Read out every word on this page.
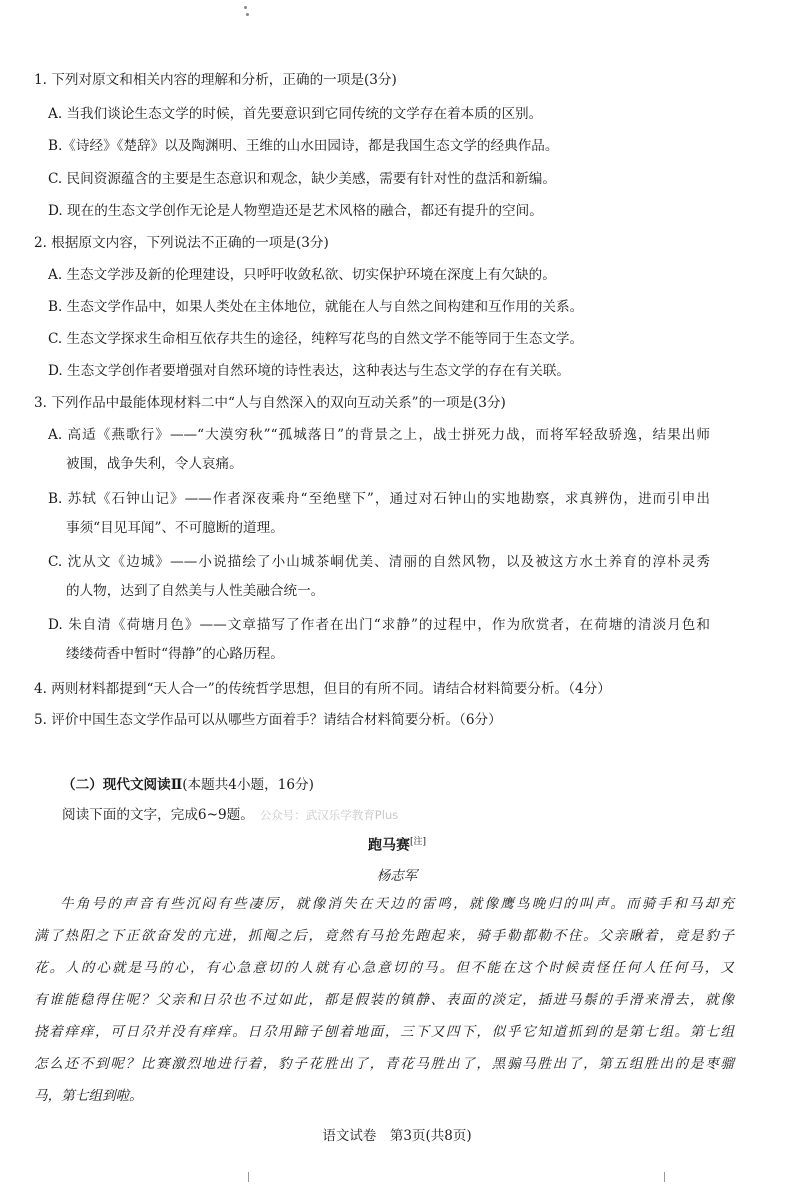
1. 下列对原文和相关内容的理解和分析，正确的一项是(3分)
A. 当我们谈论生态文学的时候，首先要意识到它同传统的文学存在着本质的区别。
B.《诗经》《楚辞》以及陶渊明、王维的山水田园诗，都是我国生态文学的经典作品。
C. 民间资源蕴含的主要是生态意识和观念，缺少美感，需要有针对性的盘活和新编。
D. 现在的生态文学创作无论是人物塑造还是艺术风格的融合，都还有提升的空间。
2. 根据原文内容，下列说法不正确的一项是(3分)
A. 生态文学涉及新的伦理建设，只呼吁收敛私欲、切实保护环境在深度上有欠缺的。
B. 生态文学作品中，如果人类处在主体地位，就能在人与自然之间构建和互作用的关系。
C. 生态文学探求生命相互依存共生的途径，纯粹写花鸟的自然文学不能等同于生态文学。
D. 生态文学创作者要增强对自然环境的诗性表达，这种表达与生态文学的存在有关联。
3. 下列作品中最能体现材料二中“人与自然深入的双向互动关系”的一项是(3分)
A. 高适《燕歌行》——“大漠穷秋”“孤城落日”的背景之上，战士拼死力战，而将军轻敌骄逸，结果出师
被围，战争失利，令人哀痛。
B. 苏轼《石钟山记》——作者深夜乘舟“至绝壁下”，通过对石钟山的实地勘察，求真辨伪，进而引申出
事须“目见耳闻”、不可臆断的道理。
C. 沈从文《边城》——小说描绘了小山城茶峒优美、清丽的自然风物，以及被这方水土养育的淳朴灵秀
的人物，达到了自然美与人性美融合统一。
D. 朱自清《荷塘月色》——文章描写了作者在出门“求静”的过程中，作为欣赏者，在荷塘的清淡月色和
缕缕荷香中暂时“得静”的心路历程。
4. 两则材料都提到“天人合一”的传统哲学思想，但目的有所不同。请结合材料简要分析。（4分）
5. 评价中国生态文学作品可以从哪些方面着手？请结合材料简要分析。（6分）
（二）现代文阅读Ⅱ(本题共4小题，16分)
阅读下面的文字，完成6~9题。 公众号：武汉乐学教育Plus
跑马赛[注]
杨志军
牛角号的声音有些沉闷有些凄厉，就像消失在天边的雷鸣，就像鹰鸟晚归的叫声。而骑手和马却充
满了热阳之下正欲奋发的亢进，抓阄之后，竟然有马抢先跑起来，骑手勒都勒不住。父亲瞅着，竟是豹子
花。人的心就是马的心，有心急意切的人就有心急意切的马。但不能在这个时候责怪任何人任何马，又
有谁能稳得住呢？父亲和日尕也不过如此，都是假装的镇静、表面的淡定，插进马鬃的手滑来滑去，就像
挠着痒痒，可日尕并没有痒痒。日尕用蹄子刨着地面，三下又四下，似乎它知道抓到的是第七组。第七组
怎么还不到呢？比赛激烈地进行着，豹子花胜出了，青花马胜出了，黑骟马胜出了，第五组胜出的是枣骝
马，第七组到啦。
语文试卷　第3页(共8页)
